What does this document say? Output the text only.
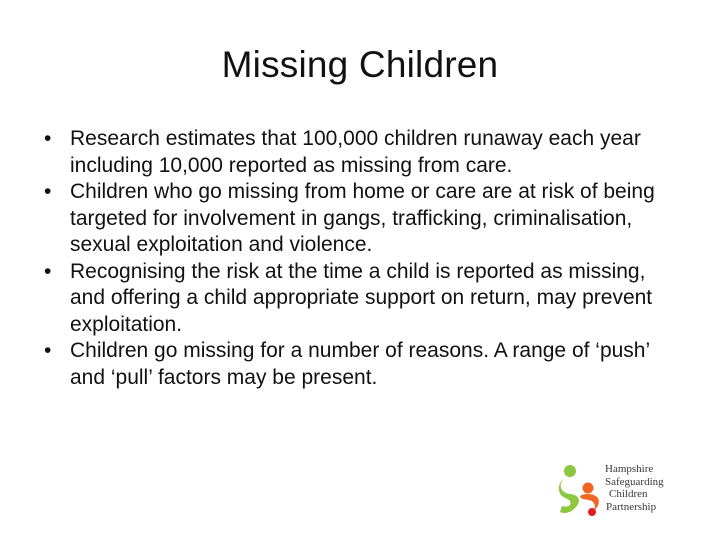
Missing Children
• Research estimates that 100,000 children runaway each year including 10,000 reported as missing from care.
• Children who go missing from home or care are at risk of being targeted for involvement in gangs, trafficking, criminalisation, sexual exploitation and violence.
• Recognising the risk at the time a child is reported as missing, and offering a child appropriate support on return, may prevent exploitation.
• Children go missing for a number of reasons. A range of ‘push’ and ‘pull’ factors may be present.
Hampshire
Safeguarding
Children
Partnership
